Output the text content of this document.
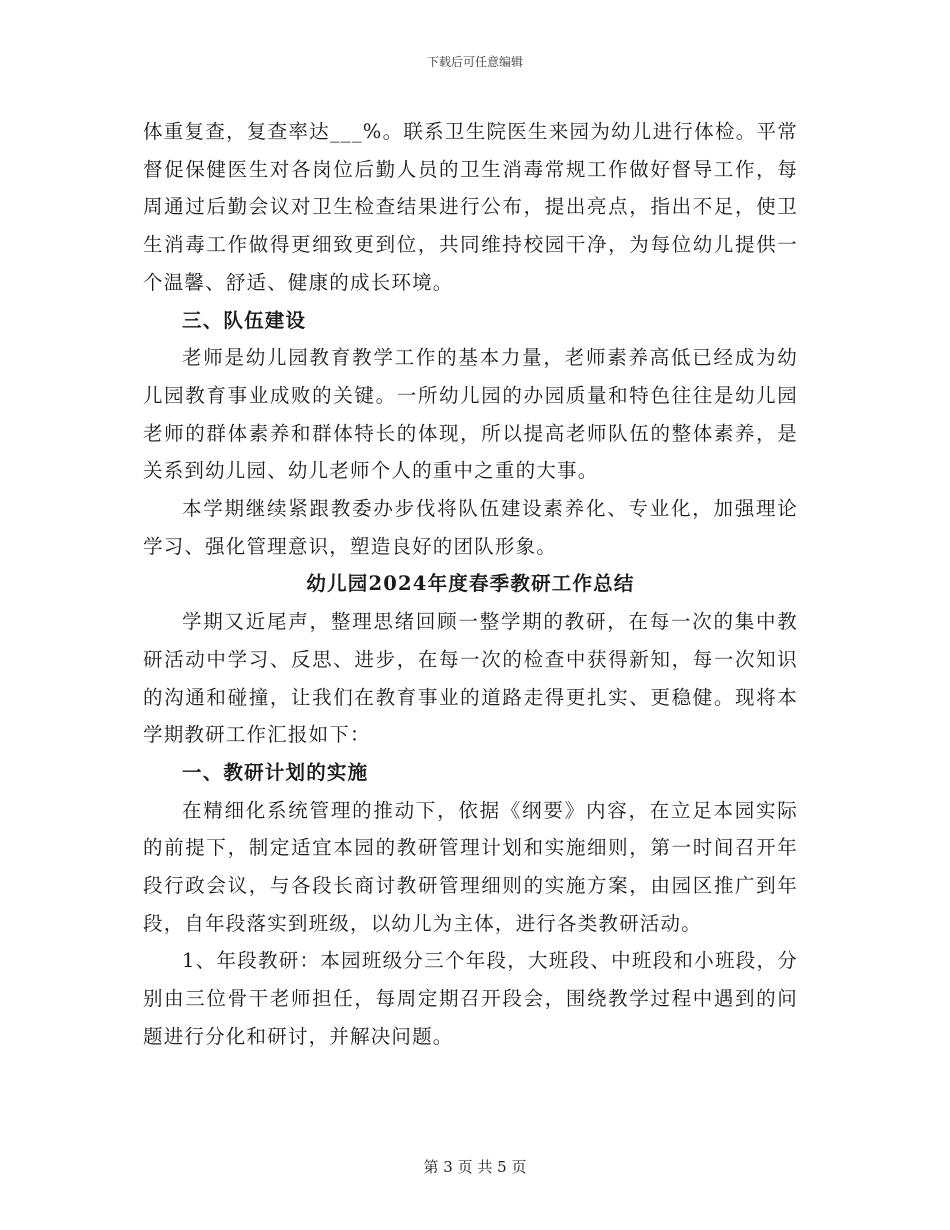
下载后可任意编辑

体重复查，复查率达___%。联系卫生院医生来园为幼儿进行体检。平常督促保健医生对各岗位后勤人员的卫生消毒常规工作做好督导工作，每周通过后勤会议对卫生检查结果进行公布，提出亮点，指出不足，使卫生消毒工作做得更细致更到位，共同维持校园干净，为每位幼儿提供一个温馨、舒适、健康的成长环境。

三、队伍建设

老师是幼儿园教育教学工作的基本力量，老师素养高低已经成为幼儿园教育事业成败的关键。一所幼儿园的办园质量和特色往往是幼儿园老师的群体素养和群体特长的体现，所以提高老师队伍的整体素养，是关系到幼儿园、幼儿老师个人的重中之重的大事。

本学期继续紧跟教委办步伐将队伍建设素养化、专业化，加强理论学习、强化管理意识，塑造良好的团队形象。

幼儿园2024年度春季教研工作总结

学期又近尾声，整理思绪回顾一整学期的教研，在每一次的集中教研活动中学习、反思、进步，在每一次的检查中获得新知，每一次知识的沟通和碰撞，让我们在教育事业的道路走得更扎实、更稳健。现将本学期教研工作汇报如下：

一、教研计划的实施

在精细化系统管理的推动下，依据《纲要》内容，在立足本园实际的前提下，制定适宜本园的教研管理计划和实施细则，第一时间召开年段行政会议，与各段长商讨教研管理细则的实施方案，由园区推广到年段，自年段落实到班级，以幼儿为主体，进行各类教研活动。

1、年段教研：本园班级分三个年段，大班段、中班段和小班段，分别由三位骨干老师担任，每周定期召开段会，围绕教学过程中遇到的问题进行分化和研讨，并解决问题。

第 3 页 共 5 页
